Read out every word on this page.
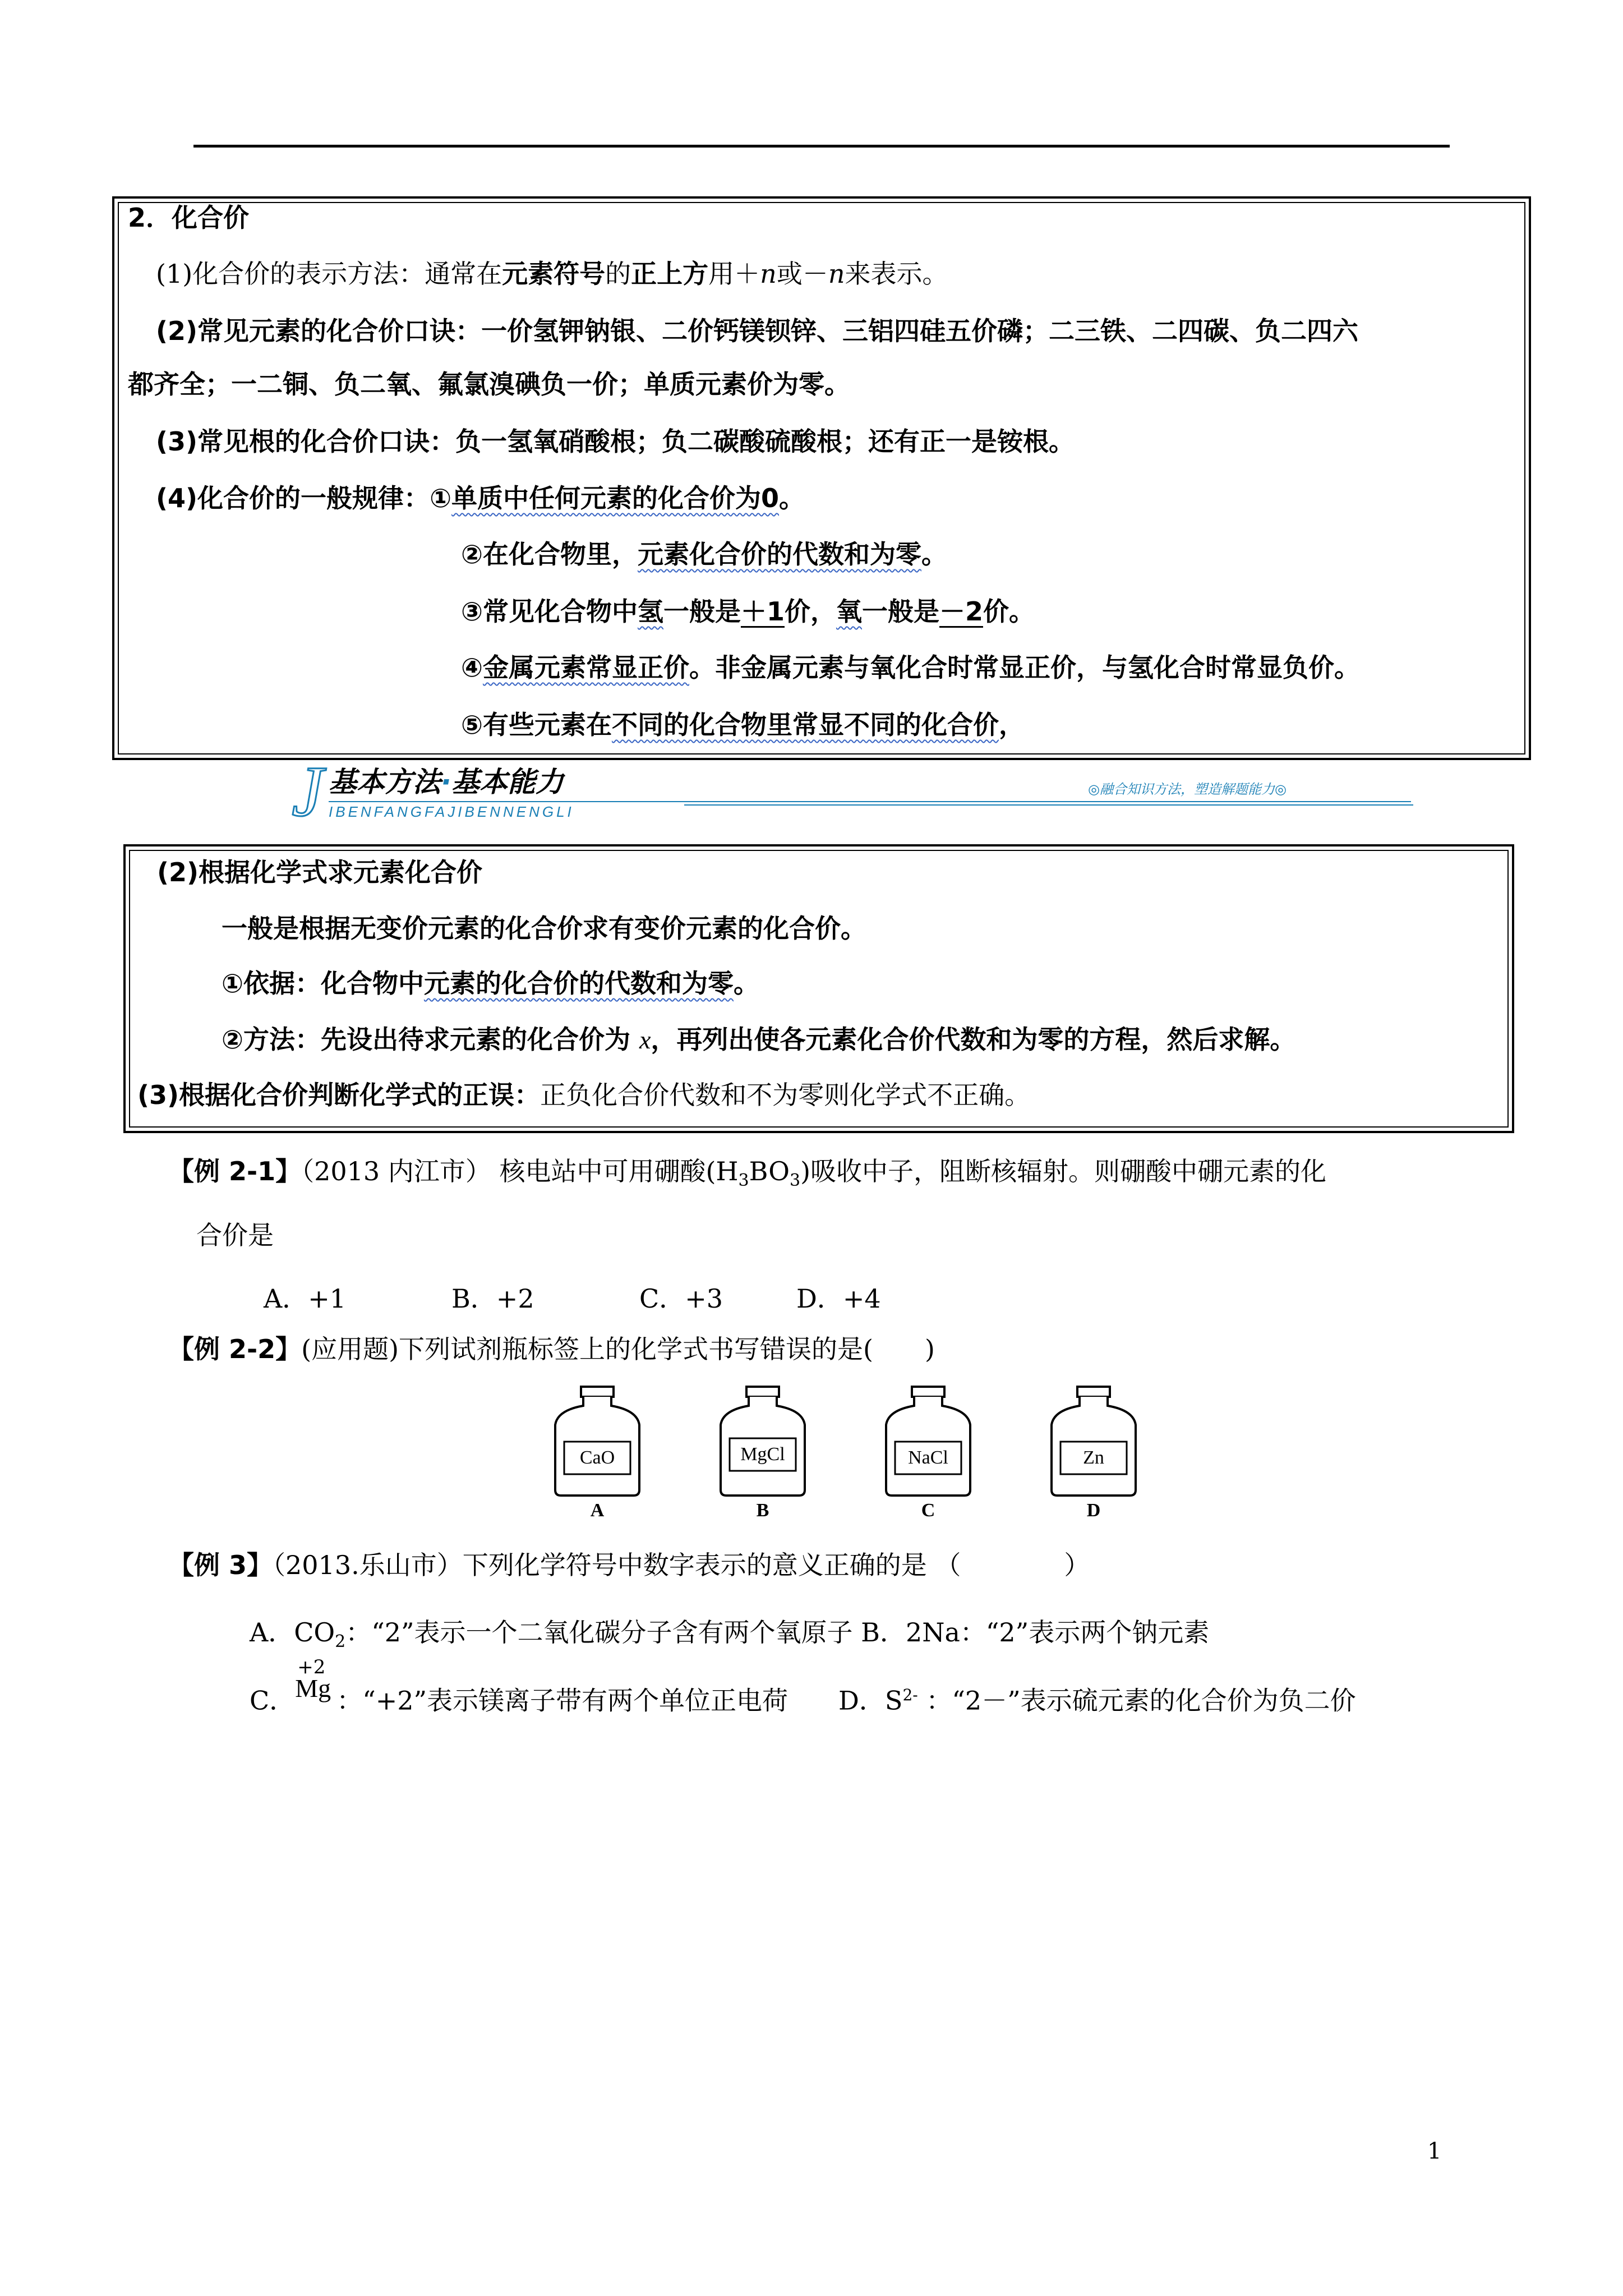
2．化合价
(1)化合价的表示方法：通常在元素符号的正上方用＋n或－n来表示。
(2)常见元素的化合价口诀：一价氢钾钠银、二价钙镁钡锌、三铝四硅五价磷；二三铁、二四碳、负二四六
都齐全；一二铜、负二氧、氟氯溴碘负一价；单质元素价为零。
(3)常见根的化合价口诀：负一氢氧硝酸根；负二碳酸硫酸根；还有正一是铵根。
(4)化合价的一般规律：①单质中任何元素的化合价为0。
②在化合物里，元素化合价的代数和为零。
③常见化合物中氢一般是＋1价，氧一般是－2价。
④金属元素常显正价。非金属元素与氧化合时常显正价，与氢化合时常显负价。
⑤有些元素在不同的化合物里常显不同的化合价，
J 基本方法·基本能力
IBENFANGFAJIBENNENGLI
◎融合知识方法，塑造解题能力◎
(2)根据化学式求元素化合价
一般是根据无变价元素的化合价求有变价元素的化合价。
①依据：化合物中元素的化合价的代数和为零。
②方法：先设出待求元素的化合价为 x，再列出使各元素化合价代数和为零的方程，然后求解。
(3)根据化合价判断化学式的正误：正负化合价代数和不为零则化学式不正确。
【例 2-1】（2013 内江市） 核电站中可用硼酸$(H_3BO_3)$吸收中子，阻断核辐射。则硼酸中硼元素的化
合价是
A．+1	B．+2	C．+3	D．+4
【例 2-2】(应用题)下列试剂瓶标签上的化学式书写错误的是(　　)
CaO
A
MgCl
B
NaCl
C
Zn
D
【例 3】（2013.乐山市）下列化学符号中数字表示的意义正确的是 （　　　　）
A．$CO_2$：“2”表示一个二氧化碳分子含有两个氧原子 B．2Na：“2”表示两个钠元素
C．
+2
Mg ：“+2”表示镁离子带有两个单位正电荷 D．$S^{2-}$ ：“2－”表示硫元素的化合价为负二价
1
